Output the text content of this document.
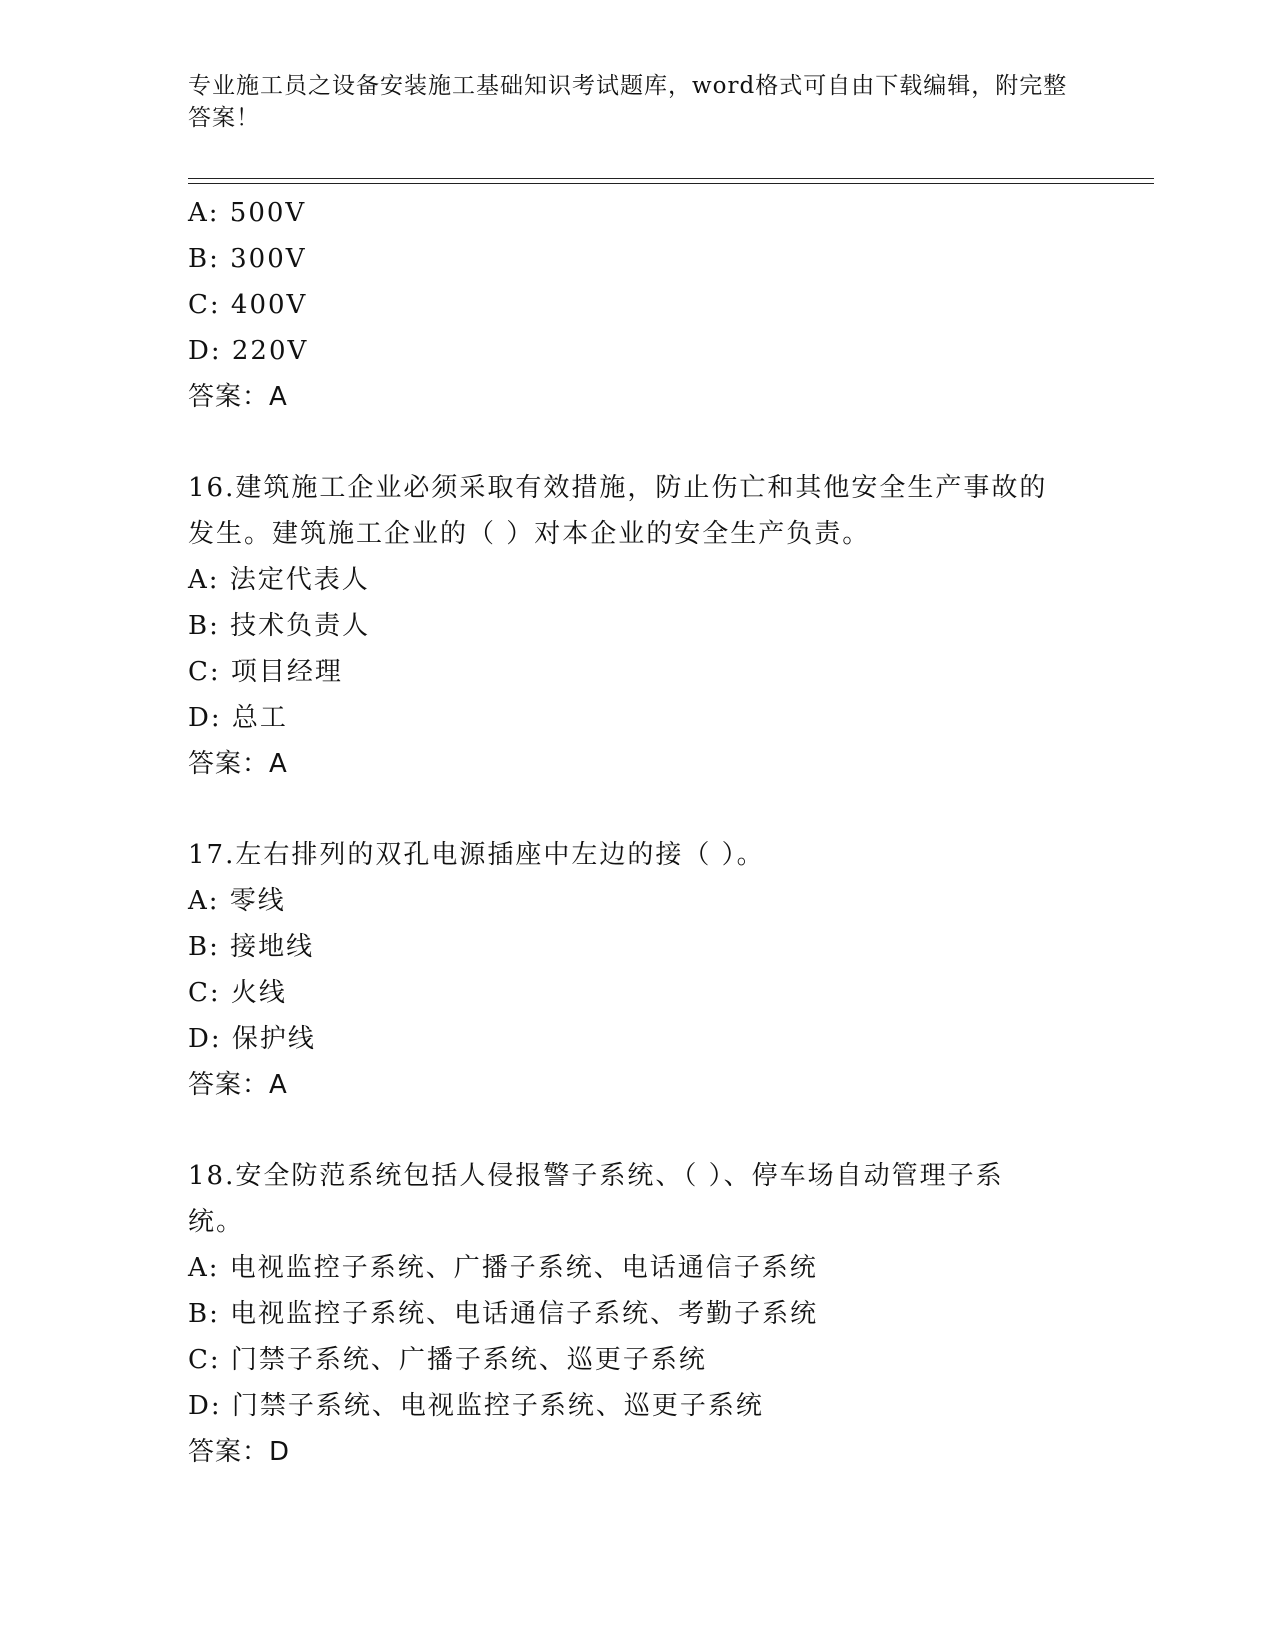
专业施工员之设备安装施工基础知识考试题库，word格式可自由下载编辑，附完整答案！
A: 500V
B: 300V
C: 400V
D: 220V
答案：A
16.建筑施工企业必须采取有效措施，防止伤亡和其他安全生产事故的发生。建筑施工企业的（ ）对本企业的安全生产负责。
A: 法定代表人
B: 技术负责人
C: 项目经理
D: 总工
答案：A
17.左右排列的双孔电源插座中左边的接（ ）。
A: 零线
B: 接地线
C: 火线
D: 保护线
答案：A
18.安全防范系统包括人侵报警子系统、（ ）、停车场自动管理子系统。
A: 电视监控子系统、广播子系统、电话通信子系统
B: 电视监控子系统、电话通信子系统、考勤子系统
C: 门禁子系统、广播子系统、巡更子系统
D: 门禁子系统、电视监控子系统、巡更子系统
答案：D
